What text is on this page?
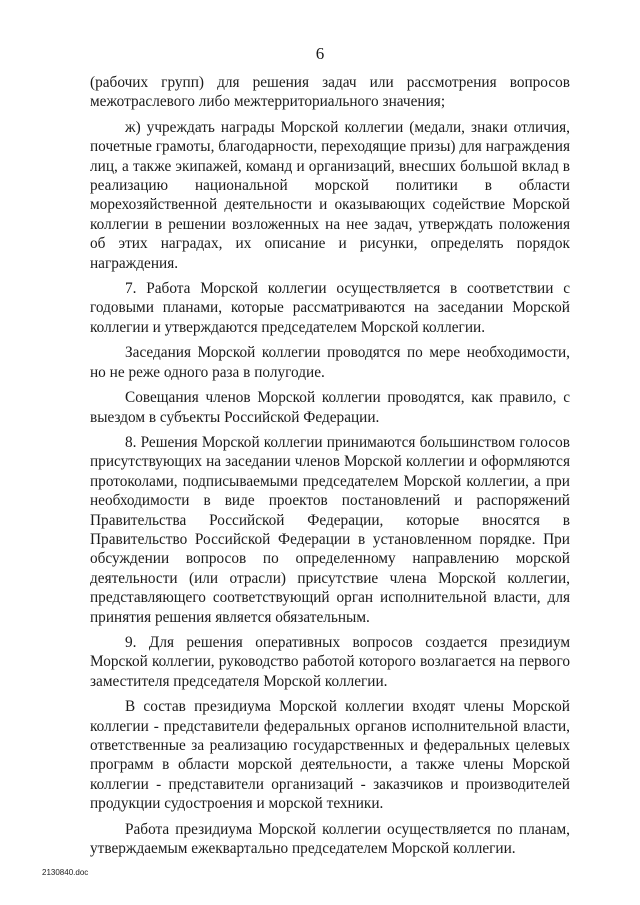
6

(рабочих групп) для решения задач или рассмотрения вопросов межотраслевого либо межтерриториального значения;

ж) учреждать награды Морской коллегии (медали, знаки отличия, почетные грамоты, благодарности, переходящие призы) для награждения лиц, а также экипажей, команд и организаций, внесших большой вклад в реализацию национальной морской политики в области морехозяйственной деятельности и оказывающих содействие Морской коллегии в решении возложенных на нее задач, утверждать положения об этих наградах, их описание и рисунки, определять порядок награждения.

7. Работа Морской коллегии осуществляется в соответствии с годовыми планами, которые рассматриваются на заседании Морской коллегии и утверждаются председателем Морской коллегии.

Заседания Морской коллегии проводятся по мере необходимости, но не реже одного раза в полугодие.

Совещания членов Морской коллегии проводятся, как правило, с выездом в субъекты Российской Федерации.

8. Решения Морской коллегии принимаются большинством голосов присутствующих на заседании членов Морской коллегии и оформляются протоколами, подписываемыми председателем Морской коллегии, а при необходимости в виде проектов постановлений и распоряжений Правительства Российской Федерации, которые вносятся в Правительство Российской Федерации в установленном порядке. При обсуждении вопросов по определенному направлению морской деятельности (или отрасли) присутствие члена Морской коллегии, представляющего соответствующий орган исполнительной власти, для принятия решения является обязательным.

9. Для решения оперативных вопросов создается президиум Морской коллегии, руководство работой которого возлагается на первого заместителя председателя Морской коллегии.

В состав президиума Морской коллегии входят члены Морской коллегии - представители федеральных органов исполнительной власти, ответственные за реализацию государственных и федеральных целевых программ в области морской деятельности, а также члены Морской коллегии - представители организаций - заказчиков и производителей продукции судостроения и морской техники.

Работа президиума Морской коллегии осуществляется по планам, утверждаемым ежеквартально председателем Морской коллегии.

2130840.doc
